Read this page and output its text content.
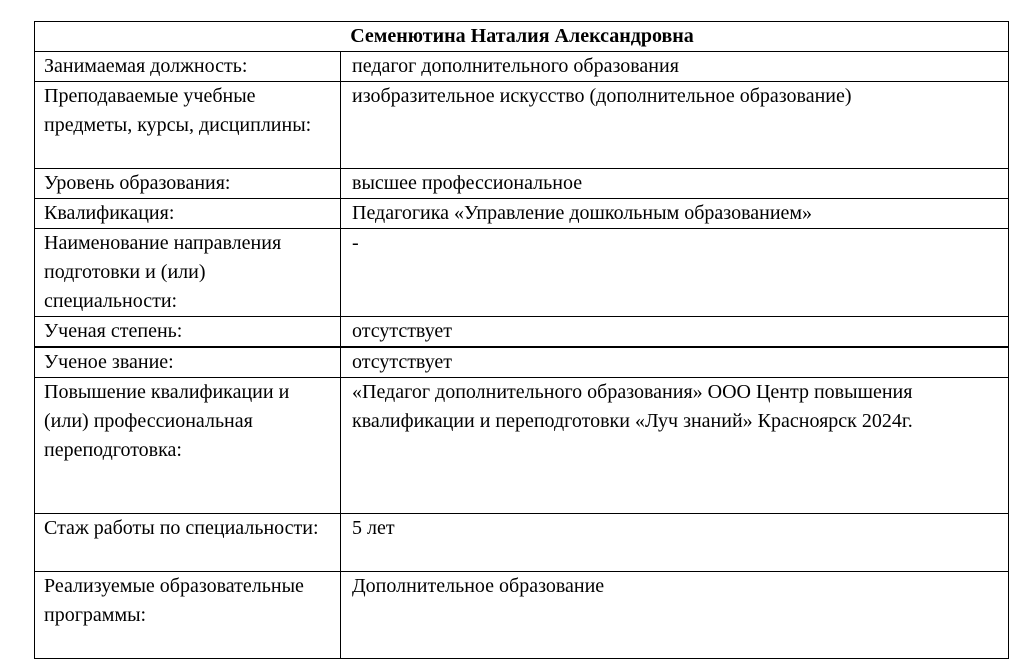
Семенютина Наталия Александровна	
Занимаемая должность:	педагог дополнительного образования
Преподаваемые учебные предметы, курсы, дисциплины:	изобразительное искусство (дополнительное образование)
Уровень образования:	высшее профессиональное
Квалификация:	Педагогика «Управление дошкольным образованием»
Наименование направления подготовки и (или) специальности:	-
Ученая степень:	отсутствует
Ученое звание:	отсутствует
Повышение квалификации и (или) профессиональная переподготовка:	«Педагог дополнительного образования» ООО Центр повышения квалификации и переподготовки «Луч знаний» Красноярск 2024г.
Стаж работы по специальности:	5 лет
Реализуемые образовательные программы:	Дополнительное образование
